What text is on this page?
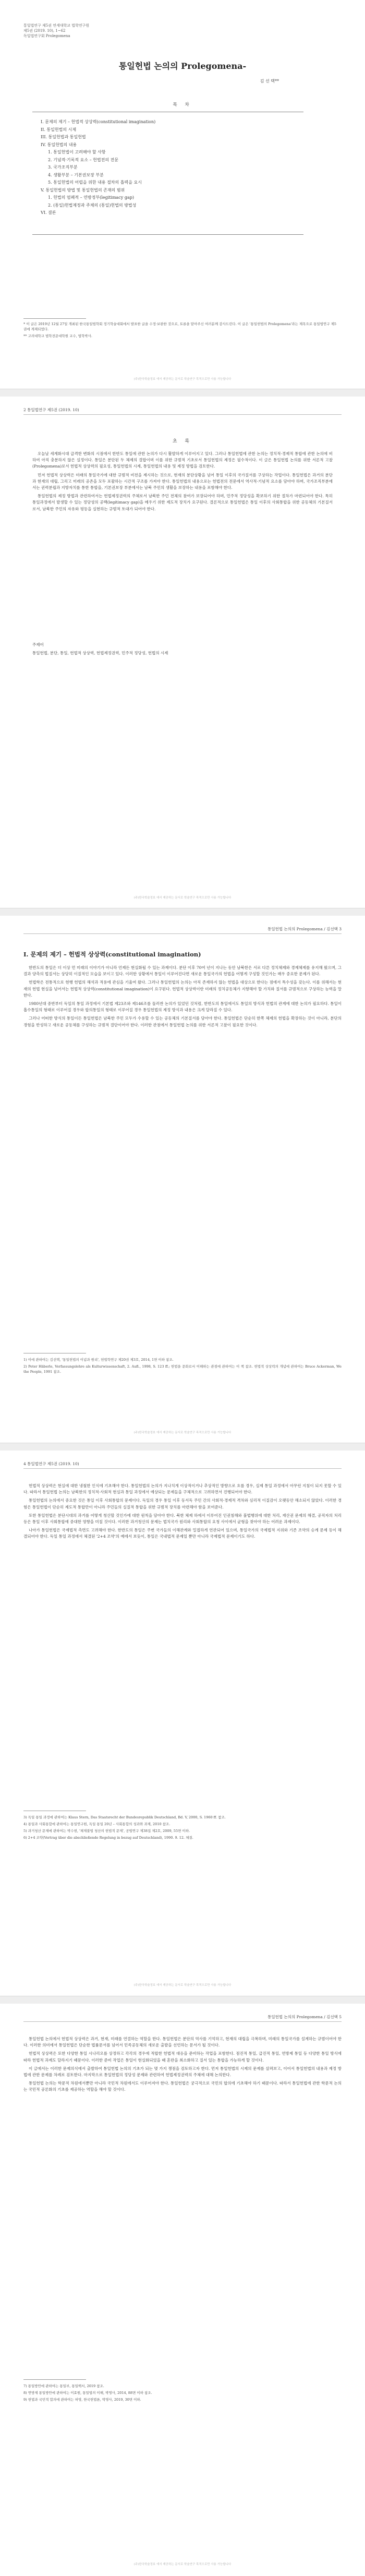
통일법연구 제5권 연세대학교 법학연구원
제5권 (2019. 10), 1~62
독일법연구회 Prolegomena
통일헌법 논의의 Prolegomena-
김 선 택**
목 차
I. 문제의 제기 – 헌법적 상상력(constitutional imagination)
II. 통일헌법의 시제
III. 통일헌법과 통일헌법
IV. 통일헌법의 내용
1. 통일헌법이 고려해야 할 사항
2. 기념적·기록적 요소 – 헌법전의 전문
3. 국가조직부분
4. 생활부분 – 기본권보장 부분
5. 통일헌법의 어렵을 위한 내용 절차의 흡력을 요시
V. 통일헌법의 방법 및 통일헌법의 존재의 범위
1. 헌법의 엄폐적 – 연방정부(legitimacy gap)
2. (통일)헌법제정과 주체의 (통일)헌법의 방법성
VI. 결론

* 이 글은 2019년 12월 27일 개최된 한국통일법학회 정기학술대회에서 발표한 글을 수정·보완한 것으로, 토론을 맡아주신 여러분께 감사드린다. 이 글은 '통일헌법의 Prolegomena'라는 제목으로 통일법연구 제5권에 게재되었다.

** 고려대학교 법학전문대학원 교수, 법학박사.

(주)한국학술정보 에서 제공하는 문서로 학술연구 목적으로만 사용 가능합니다
2 통일법연구 제5권 (2019. 10)
초 록

오늘날 세계화시대 급격한 변화의 시점에서 한반도 통일에 관한 논의가 다시 활발하게 이루어지고 있다. 그러나 통일헌법에 관한 논의는 정치적·경제적 통합에 관한 논의에 비하여 아직 충분하지 않은 실정이다. 통일은 분단된 두 체제의 결합이며 이를 위한 규범적 기초로서 통일헌법의 제정은 필수적이다. 이 글은 통일헌법 논의를 위한 서론적 고찰(Prolegomena)로서 헌법적 상상력의 필요성, 통일헌법의 시제, 통일헌법의 내용 및 제정 방법을 검토한다.

먼저 헌법적 상상력은 미래의 통일국가에 대한 규범적 비전을 제시하는 것으로, 현재의 분단상황을 넘어 통일 이후의 국가질서를 구상하는 작업이다. 통일헌법은 과거의 분단과 현재의 대립, 그리고 미래의 공존을 모두 포괄하는 시간적 구조를 가져야 한다. 통일헌법의 내용으로는 헌법전의 전문에서 역사적·기념적 요소를 담아야 하며, 국가조직부분에서는 권력분립과 지방자치를 통한 통합을, 기본권보장 부분에서는 남북 주민의 생활을 보장하는 내용을 포함해야 한다.

통일헌법의 제정 방법과 관련하여서는 헌법제정권력의 주체로서 남북한 주민 전체의 참여가 보장되어야 하며, 민주적 정당성을 확보하기 위한 절차가 마련되어야 한다. 특히 통일과정에서 발생할 수 있는 정당성의 공백(legitimacy gap)을 메우기 위한 제도적 장치가 요구된다. 결론적으로 통일헌법은 통일 이후의 사회통합을 위한 공동체의 기본질서로서, 남북한 주민의 자유와 평등을 실현하는 규범적 토대가 되어야 한다.

주제어
통일헌법, 분단, 통일, 헌법적 상상력, 헌법제정권력, 민주적 정당성, 헌법의 시제
(주)한국학술정보 에서 제공하는 문서로 학술연구 목적으로만 사용 가능합니다
통일헌법 논의의 Prolegomena / 김선택 3
I. 문제의 제기 – 헌법적 상상력(constitutional imagination)

한반도의 통일은 더 이상 먼 미래의 이야기가 아니라 언제든 현실화될 수 있는 과제이다. 분단 이후 70여 년이 지나는 동안 남북한은 서로 다른 정치체제와 경제체제를 유지해 왔으며, 그 결과 양측의 법질서는 상당히 이질적인 모습을 보이고 있다. 이러한 상황에서 통일이 이루어진다면 새로운 통일국가의 헌법을 어떻게 구성할 것인가는 매우 중요한 문제가 된다.

헌법학은 전통적으로 현행 헌법의 해석과 적용에 관심을 기울여 왔다. 그러나 통일헌법의 논의는 아직 존재하지 않는 헌법을 대상으로 한다는 점에서 특수성을 갖는다. 이를 위해서는 현재의 헌법 현실을 넘어서는 헌법적 상상력(constitutional imagination)이 요구된다. 헌법적 상상력이란 미래의 정치공동체가 지향해야 할 가치와 질서를 규범적으로 구상하는 능력을 말한다.

1980년대 중반부터 독일의 통일 과정에서 기본법 제23조와 제146조를 둘러싼 논의가 있었던 것처럼, 한반도의 통일에서도 통일의 방식과 헌법의 관계에 대한 논의가 필요하다. 통일이 흡수통일의 형태로 이루어질 경우와 합의통일의 형태로 이루어질 경우 통일헌법의 제정 방식과 내용은 크게 달라질 수 있다.

그러나 어떠한 방식의 통일이든 통일헌법은 남북한 주민 모두가 수용할 수 있는 공동체의 기본질서를 담아야 한다. 통일헌법은 단순히 한쪽 체제의 헌법을 확장하는 것이 아니라, 분단의 경험을 반성하고 새로운 공동체를 구성하는 규범적 결단이어야 한다. 이러한 관점에서 통일헌법 논의를 위한 서론적 고찰이 필요한 것이다.

1) 이에 관하여는 김선택, '통일헌법의 이념과 원리', 헌법학연구 제20권 제3호, 2014, 1면 이하 참조.

2) Peter Häberle, Verfassungslehre als Kulturwissenschaft, 2. Aufl., 1998, S. 123 ff.; 헌법을 문화로서 이해하는 관점에 관하여는 이 책 참조. 헌법적 상상력의 개념에 관하여는 Bruce Ackerman, We the People, 1991 참조.

(주)한국학술정보 에서 제공하는 문서로 학술연구 목적으로만 사용 가능합니다
4 통일법연구 제5권 (2019. 10)

헌법적 상상력은 현실에 대한 냉철한 인식에 기초해야 한다. 통일헌법의 논의가 지나치게 이상적이거나 추상적인 방향으로 흐를 경우, 실제 통일 과정에서 아무런 지침이 되지 못할 수 있다. 따라서 통일헌법 논의는 남북한의 정치적·사회적 현실과 통일 과정에서 예상되는 문제들을 구체적으로 고려하면서 진행되어야 한다.

통일헌법의 논의에서 중요한 것은 통일 이후 사회통합의 문제이다. 독일의 경우 통일 이후 동서독 주민 간의 사회적·경제적 격차와 심리적 이질감이 오랫동안 해소되지 않았다. 이러한 경험은 통일헌법이 단순히 제도적 통합만이 아니라 주민들의 실질적 통합을 위한 규범적 장치를 마련해야 함을 보여준다.

또한 통일헌법은 분단시대의 과거를 어떻게 청산할 것인가에 대한 원칙을 담아야 한다. 북한 체제 하에서 이루어진 인권침해와 불법행위에 대한 처리, 재산권 문제의 해결, 공직자의 처리 등은 통일 이후 사회통합에 중대한 영향을 미칠 것이다. 이러한 과거청산의 문제는 법치국가 원리와 사회통합의 요청 사이에서 균형을 찾아야 하는 어려운 과제이다.

나아가 통일헌법은 국제법적 측면도 고려해야 한다. 한반도의 통일은 주변 국가들의 이해관계와 밀접하게 연관되어 있으며, 통일국가의 국제법적 지위와 기존 조약의 승계 문제 등이 해결되어야 한다. 독일 통일 과정에서 체결된 '2+4 조약'의 예에서 보듯이, 통일은 국내법적 문제일 뿐만 아니라 국제법적 문제이기도 하다.

3) 독일 통일 과정에 관하여는 Klaus Stern, Das Staatsrecht der Bundesrepublik Deutschland, Bd. V, 2000, S. 1960 ff. 참조.

4) 통일과 사회통합에 관하여는 통일연구원, 독일 통일 20년 – 사회통합의 성과와 과제, 2010 참조.

5) 과거청산 문제에 관하여는 박수현, '체제불법 청산의 헌법적 문제', 공법연구 제38집 제2호, 2009, 55면 이하.

6) 2+4 조약(Vertrag über die abschließende Regelung in bezug auf Deutschland), 1990. 9. 12. 체결.

(주)한국학술정보 에서 제공하는 문서로 학술연구 목적으로만 사용 가능합니다
통일헌법 논의의 Prolegomena / 김선택 5

통일헌법 논의에서 헌법적 상상력은 과거, 현재, 미래를 연결하는 역할을 한다. 통일헌법은 분단의 역사를 기억하고, 현재의 대립을 극복하며, 미래의 통일국가를 설계하는 규범이어야 한다. 이러한 의미에서 통일헌법은 단순한 법률문서를 넘어서 민족공동체의 새로운 출발을 선언하는 문서가 될 것이다.

헌법적 상상력은 또한 다양한 통일 시나리오를 상정하고 각각의 경우에 적합한 헌법적 대응을 준비하는 작업을 포함한다. 점진적 통일, 급진적 통일, 연방제 통일 등 다양한 통일 방식에 따라 헌법적 과제도 달라지기 때문이다. 이러한 준비 작업은 통일이 현실화되었을 때 혼란을 최소화하고 질서 있는 통합을 가능하게 할 것이다.

이 글에서는 이러한 문제의식에서 출발하여 통일헌법 논의의 기초가 되는 몇 가지 쟁점을 검토하고자 한다. 먼저 통일헌법의 시제의 문제를 살펴보고, 이어서 통일헌법의 내용과 제정 방법에 관한 문제를 차례로 검토한다. 마지막으로 통일헌법의 정당성 문제와 관련하여 헌법제정권력의 주체에 대해 논의한다.

통일헌법 논의는 학문적 차원에서뿐만 아니라 국민적 차원에서도 이루어져야 한다. 통일헌법은 궁극적으로 국민의 합의에 기초해야 하기 때문이다. 따라서 통일헌법에 관한 학문적 논의는 국민적 공론화의 기초를 제공하는 역할을 해야 할 것이다.

7) 통일방안에 관하여는 통일부, 통일백서, 2019 참조.

8) 연방제 통일방안에 관하여는 이효원, 통일법의 이해, 박영사, 2014, 88면 이하 참조.

9) 헌법과 국민적 합의에 관하여는 허영, 한국헌법론, 박영사, 2019, 30면 이하.

(주)한국학술정보 에서 제공하는 문서로 학술연구 목적으로만 사용 가능합니다
